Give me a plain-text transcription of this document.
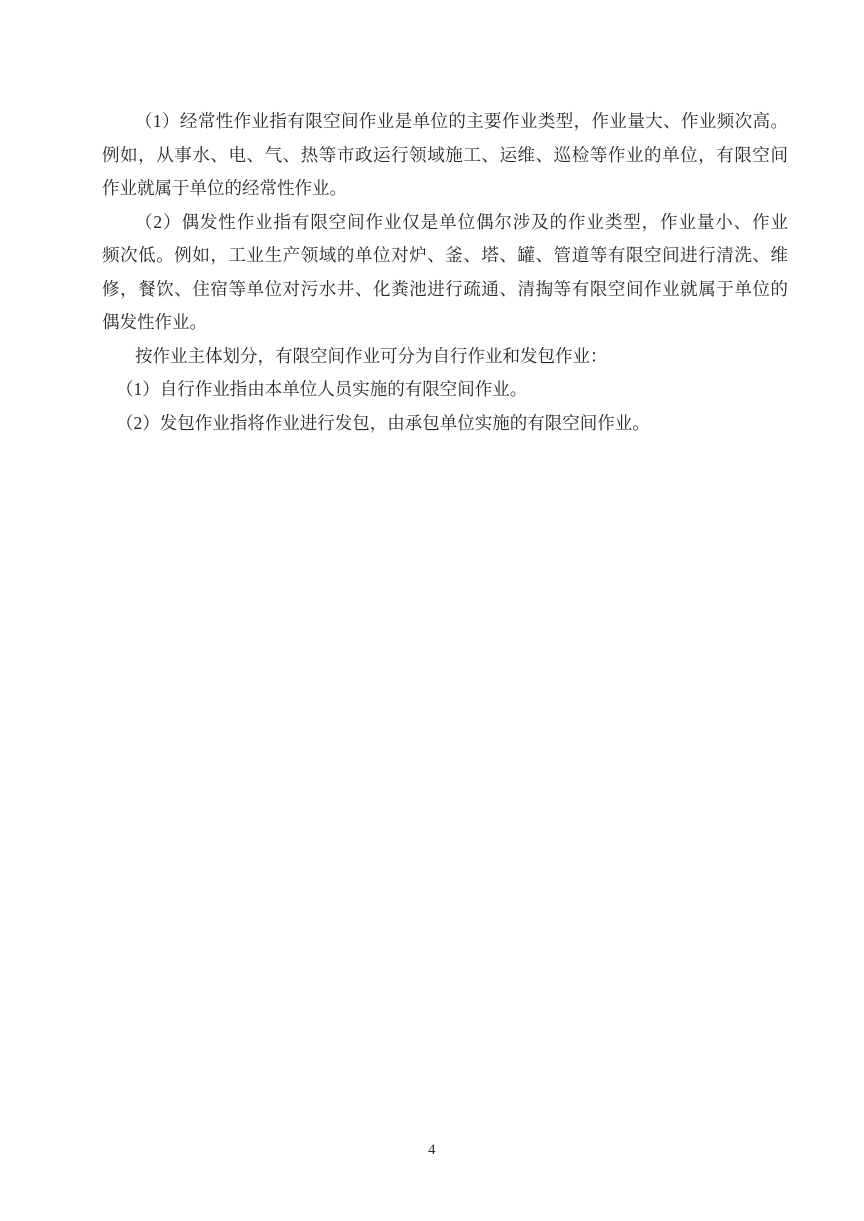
（1）经常性作业指有限空间作业是单位的主要作业类型，作业量大、作业频次高。
例如，从事水、电、气、热等市政运行领域施工、运维、巡检等作业的单位，有限空间
作业就属于单位的经常性作业。
（2）偶发性作业指有限空间作业仅是单位偶尔涉及的作业类型，作业量小、作业
频次低。例如，工业生产领域的单位对炉、釜、塔、罐、管道等有限空间进行清洗、维
修，餐饮、住宿等单位对污水井、化粪池进行疏通、清掏等有限空间作业就属于单位的
偶发性作业。
按作业主体划分，有限空间作业可分为自行作业和发包作业：
（1）自行作业指由本单位人员实施的有限空间作业。
（2）发包作业指将作业进行发包，由承包单位实施的有限空间作业。
4
